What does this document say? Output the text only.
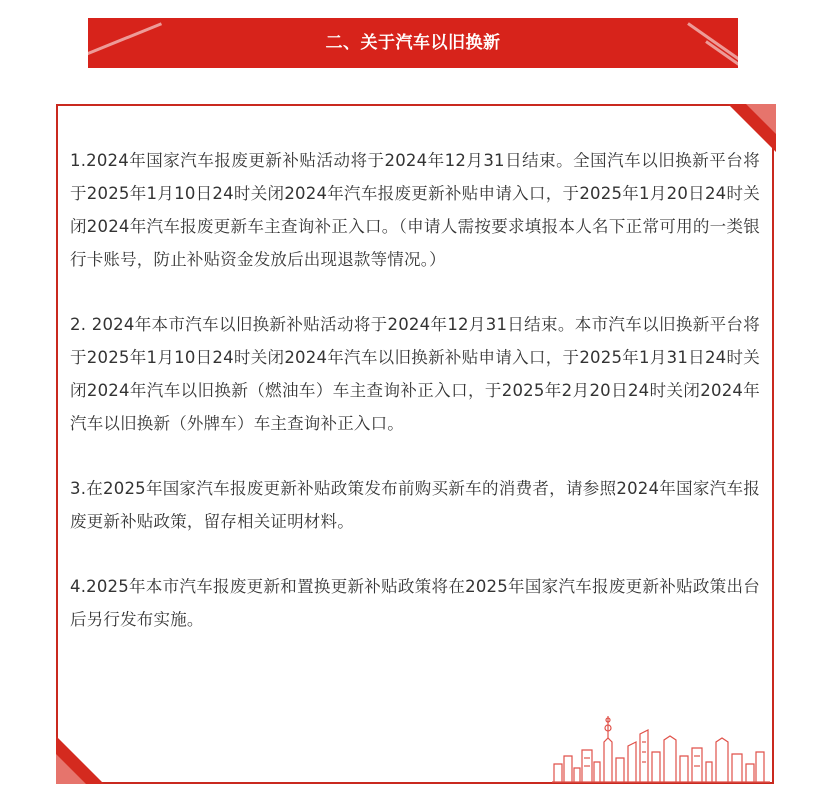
二、关于汽车以旧换新

1.2024年国家汽车报废更新补贴活动将于2024年12月31日结束。全国汽车以旧换新平台将于2025年1月10日24时关闭2024年汽车报废更新补贴申请入口，于2025年1月20日24时关闭2024年汽车报废更新车主查询补正入口。（申请人需按要求填报本人名下正常可用的一类银行卡账号，防止补贴资金发放后出现退款等情况。）

2. 2024年本市汽车以旧换新补贴活动将于2024年12月31日结束。本市汽车以旧换新平台将于2025年1月10日24时关闭2024年汽车以旧换新补贴申请入口，于2025年1月31日24时关闭2024年汽车以旧换新（燃油车）车主查询补正入口，于2025年2月20日24时关闭2024年汽车以旧换新（外牌车）车主查询补正入口。

3.在2025年国家汽车报废更新补贴政策发布前购买新车的消费者，请参照2024年国家汽车报废更新补贴政策，留存相关证明材料。

4.2025年本市汽车报废更新和置换更新补贴政策将在2025年国家汽车报废更新补贴政策出台后另行发布实施。
